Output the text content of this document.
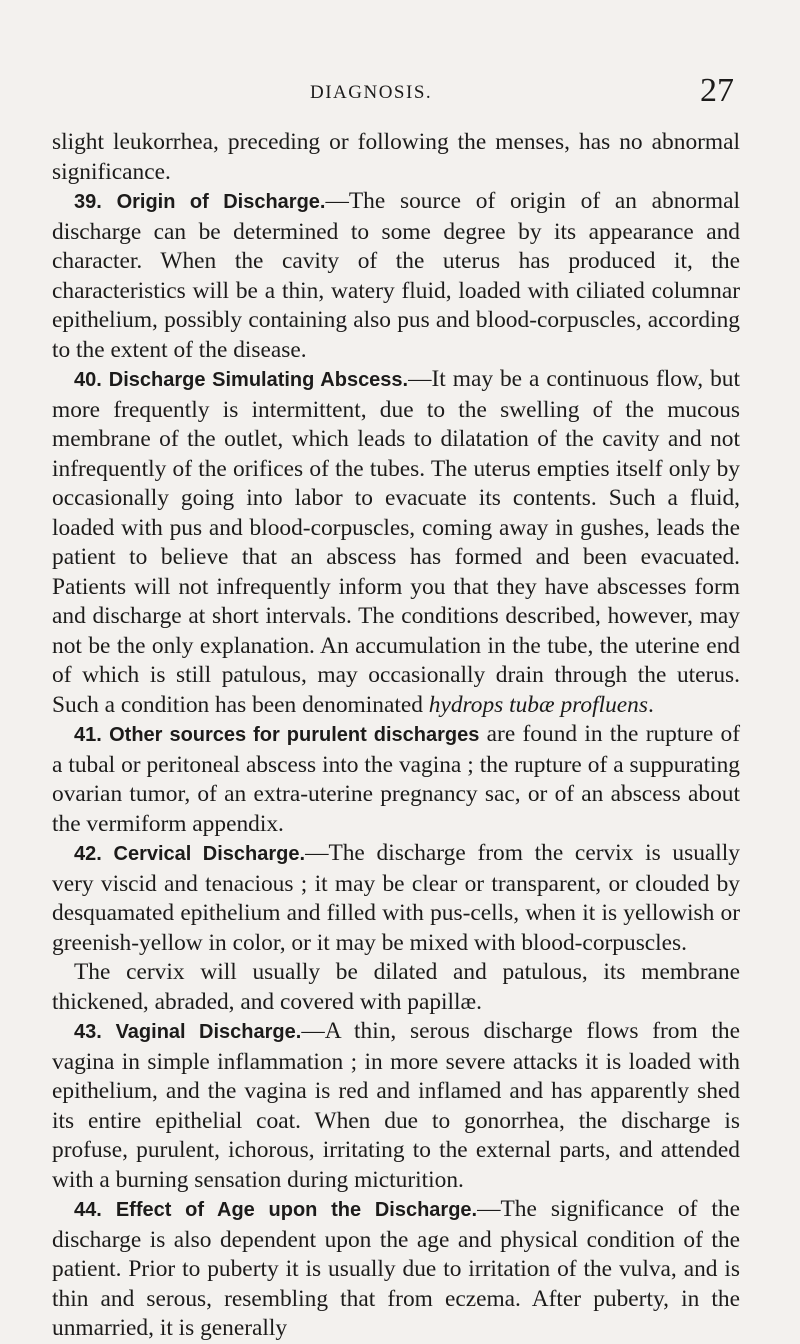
DIAGNOSIS.	27

slight leukorrhea, preceding or following the menses, has no abnormal significance.

39. Origin of Discharge.—The source of origin of an abnormal discharge can be determined to some degree by its appearance and character. When the cavity of the uterus has produced it, the characteristics will be a thin, watery fluid, loaded with ciliated columnar epithelium, possibly containing also pus and blood-corpuscles, according to the extent of the disease.

40. Discharge Simulating Abscess.—It may be a continuous flow, but more frequently is intermittent, due to the swelling of the mucous membrane of the outlet, which leads to dilatation of the cavity and not infrequently of the orifices of the tubes. The uterus empties itself only by occasionally going into labor to evacuate its contents. Such a fluid, loaded with pus and blood-corpuscles, coming away in gushes, leads the patient to believe that an abscess has formed and been evacuated. Patients will not infrequently inform you that they have abscesses form and discharge at short intervals. The conditions described, however, may not be the only explanation. An accumulation in the tube, the uterine end of which is still patulous, may occasionally drain through the uterus. Such a condition has been denominated hydrops tubæ profluens.

41. Other sources for purulent discharges are found in the rupture of a tubal or peritoneal abscess into the vagina ; the rupture of a suppurating ovarian tumor, of an extra-uterine pregnancy sac, or of an abscess about the vermiform appendix.

42. Cervical Discharge.—The discharge from the cervix is usually very viscid and tenacious ; it may be clear or transparent, or clouded by desquamated epithelium and filled with pus-cells, when it is yellowish or greenish-yellow in color, or it may be mixed with blood-corpuscles.

The cervix will usually be dilated and patulous, its membrane thickened, abraded, and covered with papillæ.

43. Vaginal Discharge.—A thin, serous discharge flows from the vagina in simple inflammation ; in more severe attacks it is loaded with epithelium, and the vagina is red and inflamed and has apparently shed its entire epithelial coat. When due to gonorrhea, the discharge is profuse, purulent, ichorous, irritating to the external parts, and attended with a burning sensation during micturition.

44. Effect of Age upon the Discharge.—The significance of the discharge is also dependent upon the age and physical condition of the patient. Prior to puberty it is usually due to irritation of the vulva, and is thin and serous, resembling that from eczema. After puberty, in the unmarried, it is generally
